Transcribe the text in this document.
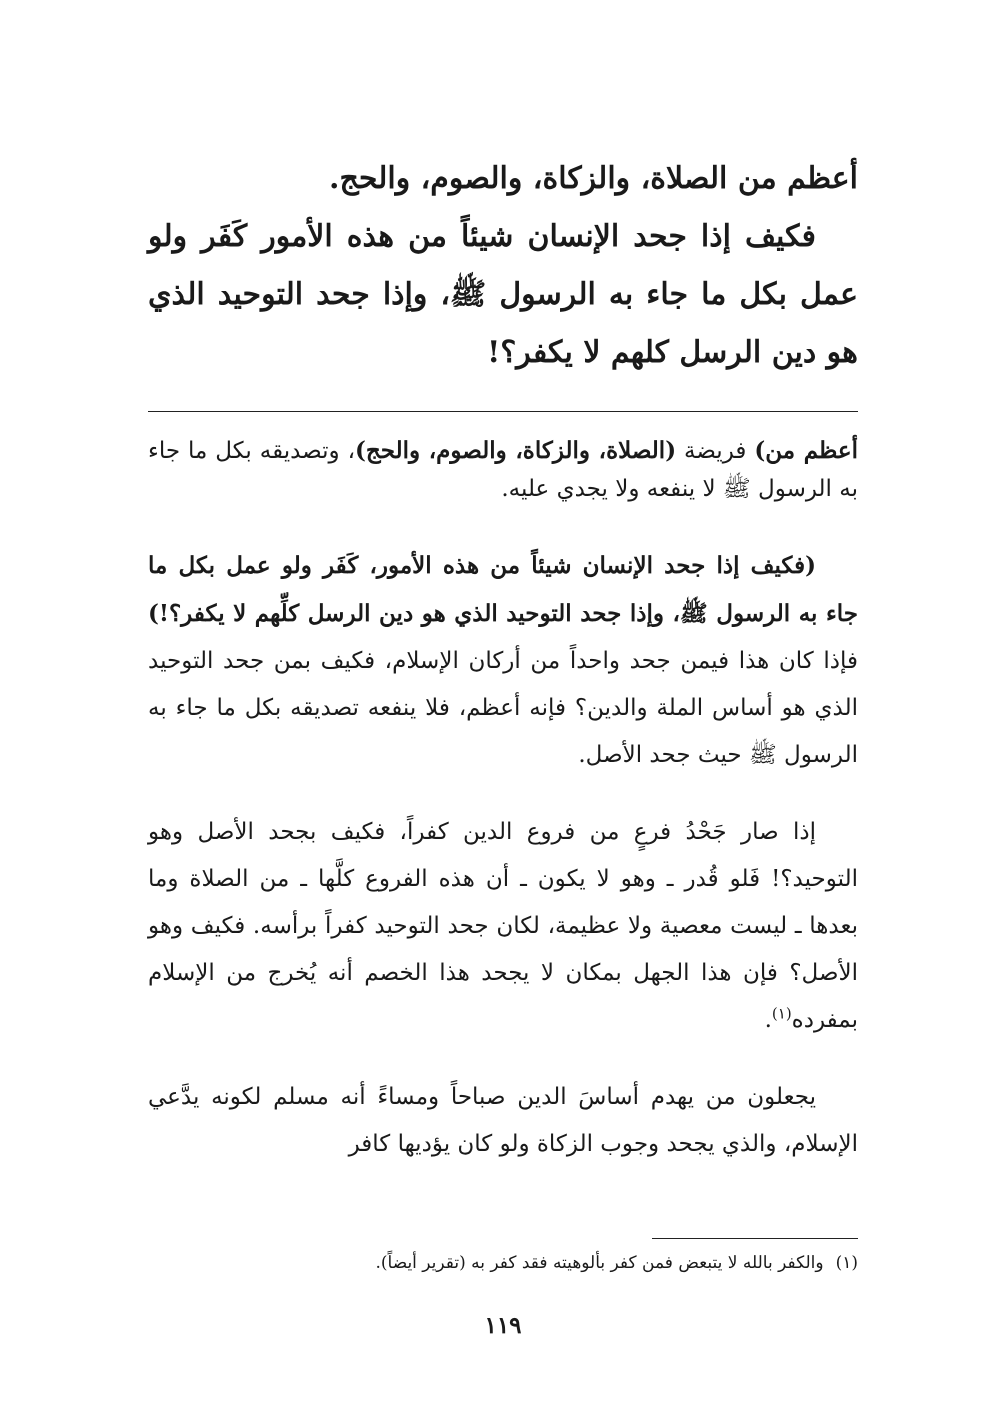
أعظم من الصلاة، والزكاة، والصوم، والحج.

فكيف إذا جحد الإنسان شيئاً من هذه الأمور كَفَر ولو عمل بكل ما جاء به الرسول ﷺ، وإذا جحد التوحيد الذي هو دين الرسل كلهم لا يكفر؟!

أعظم من) فريضة (الصلاة، والزكاة، والصوم، والحج)، وتصديقه بكل ما جاء به الرسول ﷺ لا ينفعه ولا يجدي عليه.

(فكيف إذا جحد الإنسان شيئاً من هذه الأمور، كَفَر ولو عمل بكل ما جاء به الرسول ﷺ، وإذا جحد التوحيد الذي هو دين الرسل كلِّهم لا يكفر؟!) فإذا كان هذا فيمن جحد واحداً من أركان الإسلام، فكيف بمن جحد التوحيد الذي هو أساس الملة والدين؟ فإنه أعظم، فلا ينفعه تصديقه بكل ما جاء به الرسول ﷺ حيث جحد الأصل.

إذا صار جَحْدُ فرعٍ من فروع الدين كفراً، فكيف بجحد الأصل وهو التوحيد؟! فَلو قُدر ـ وهو لا يكون ـ أن هذه الفروع كلَّها ـ من الصلاة وما بعدها ـ ليست معصية ولا عظيمة، لكان جحد التوحيد كفراً برأسه. فكيف وهو الأصل؟ فإن هذا الجهل بمكان لا يجحد هذا الخصم أنه يُخرج من الإسلام بمفرده$^{(١)}$.

يجعلون من يهدم أساسَ الدين صباحاً ومساءً أنه مسلم لكونه يدَّعي الإسلام، والذي يجحد وجوب الزكاة ولو كان يؤديها كافر

(١)والكفر بالله لا يتبعض فمن كفر بألوهيته فقد كفر به (تقرير أيضاً).
١١٩
